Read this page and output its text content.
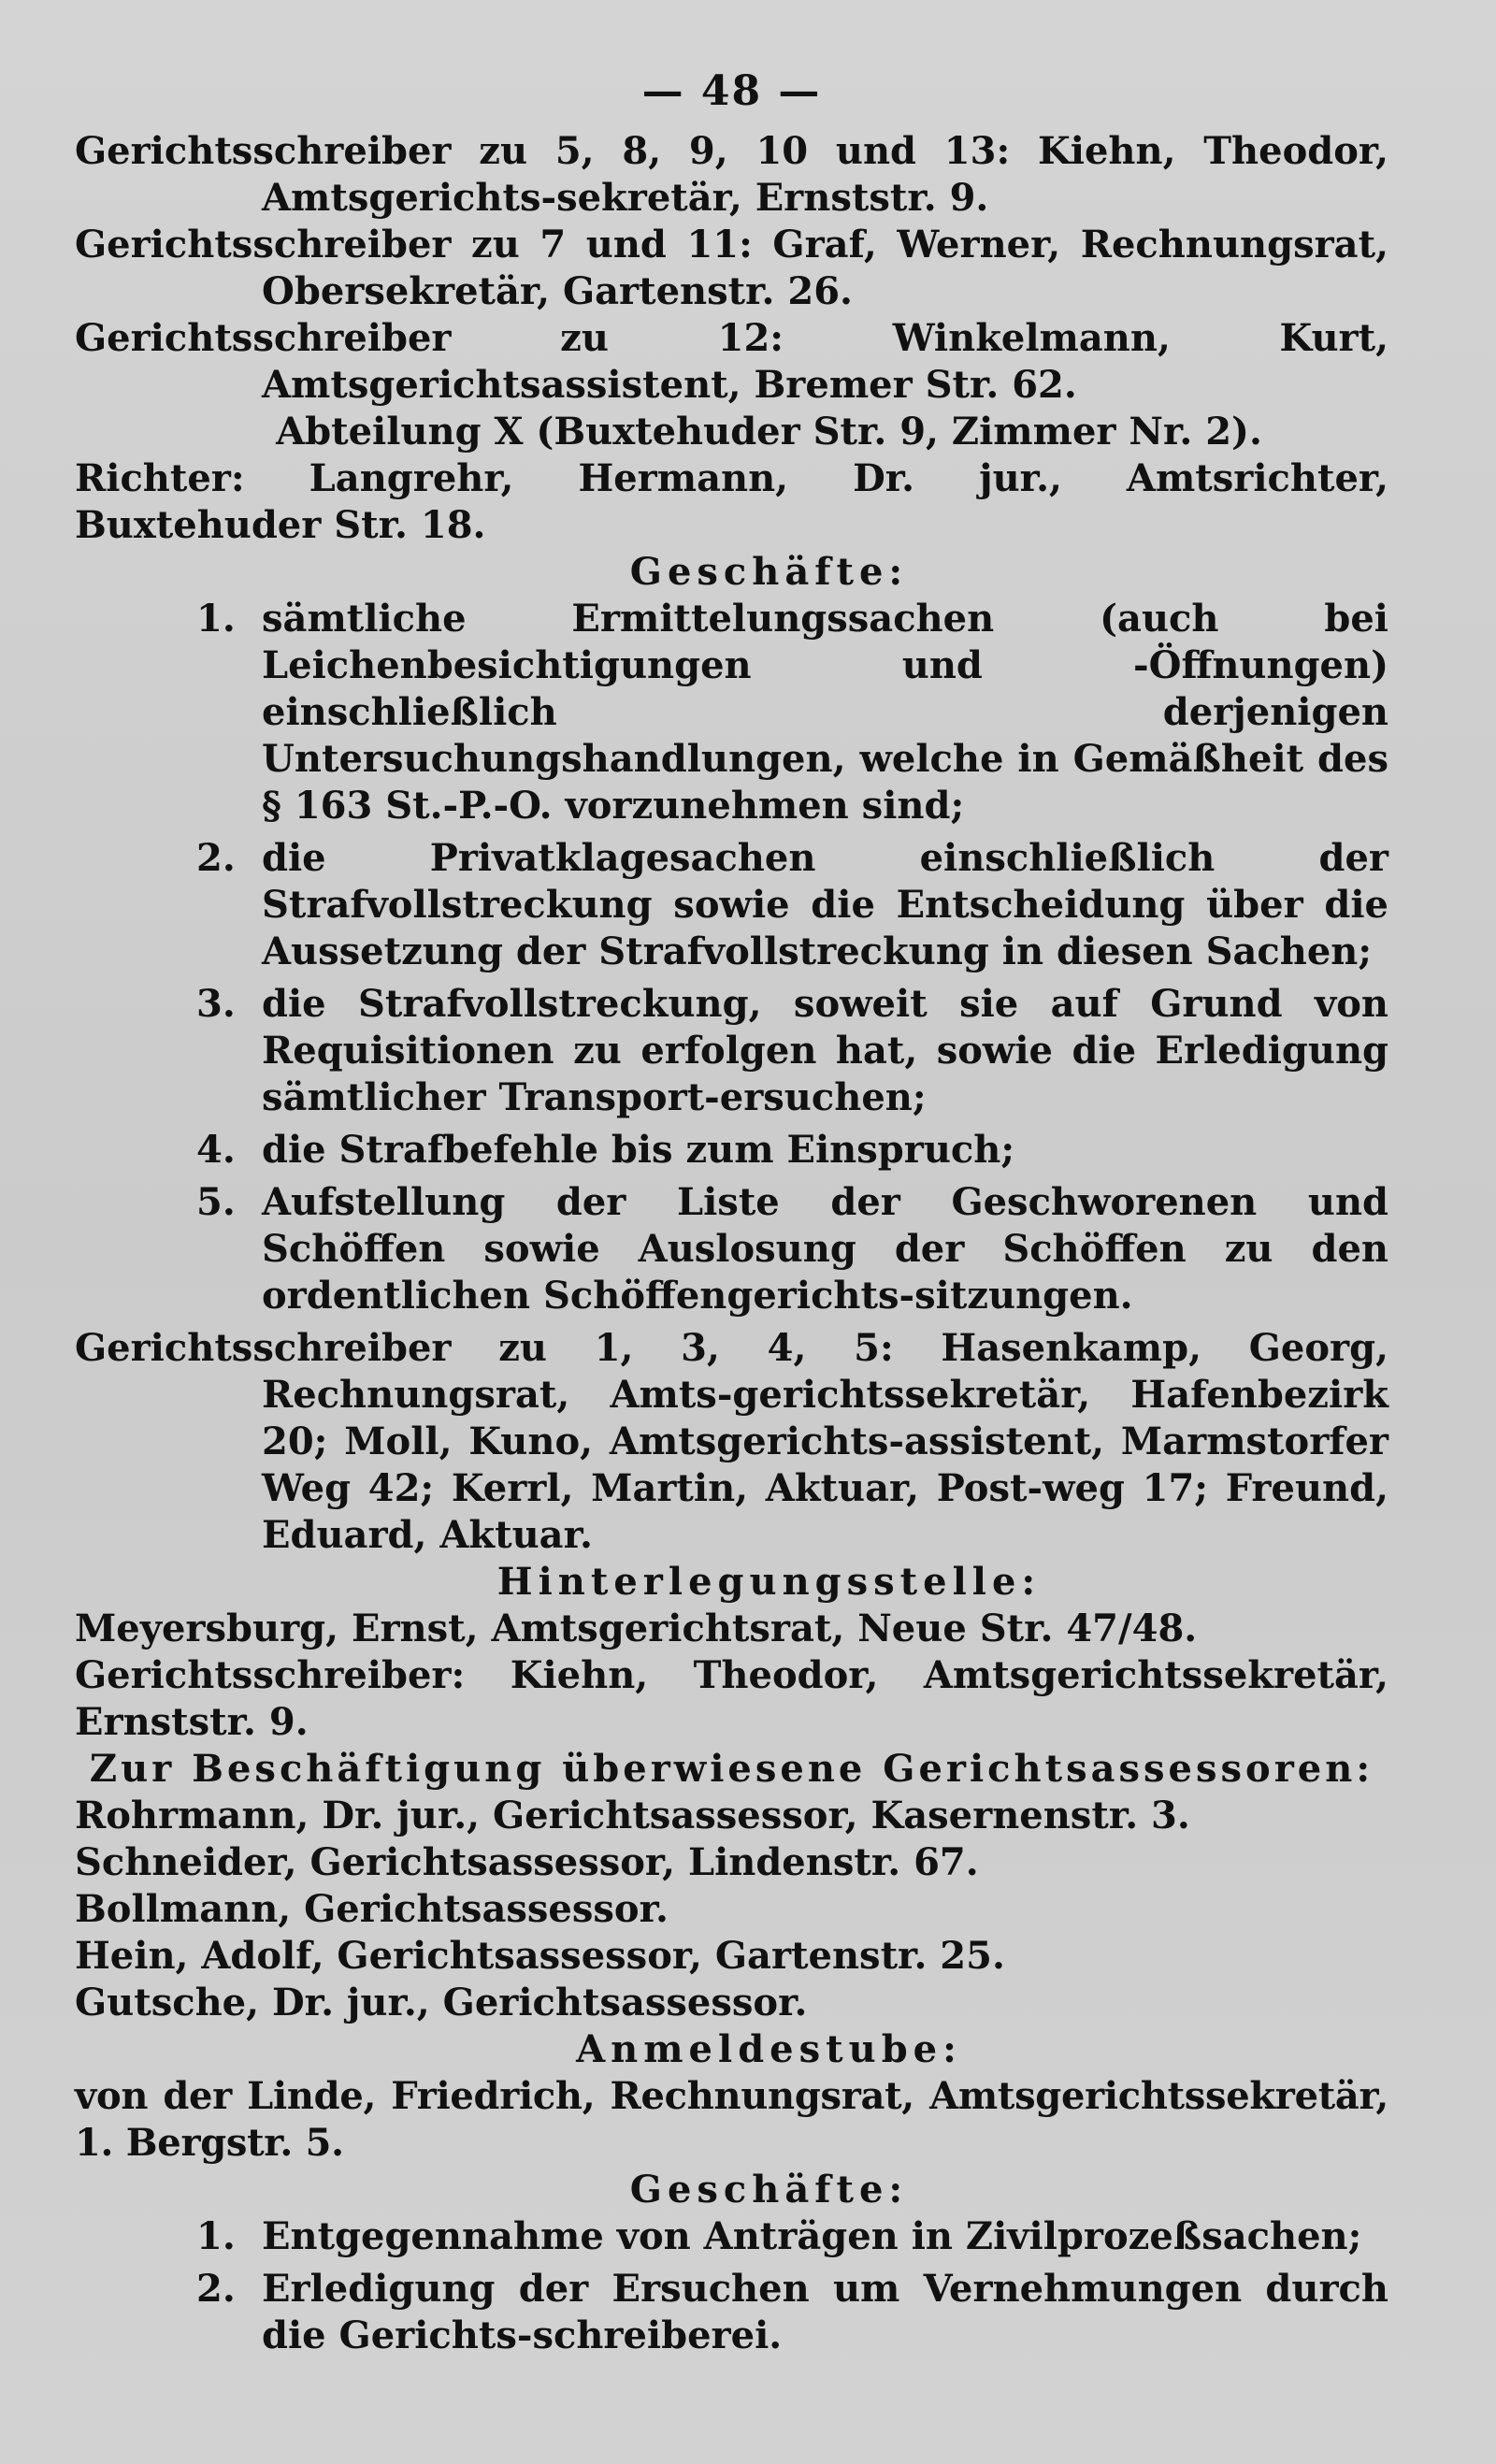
— 48 —

Gerichtsschreiber zu 5, 8, 9, 10 und 13: Kiehn, Theodor, Amtsgerichts-sekretär, Ernststr. 9.

Gerichtsschreiber zu 7 und 11: Graf, Werner, Rechnungsrat, Obersekretär, Gartenstr. 26.

Gerichtsschreiber zu 12: Winkelmann, Kurt, Amtsgerichtsassistent, Bremer Str. 62.

Abteilung X (Buxtehuder Str. 9, Zimmer Nr. 2).

Richter: Langrehr, Hermann, Dr. jur., Amtsrichter, Buxtehuder Str. 18.

Geschäfte:

1. sämtliche Ermittelungssachen (auch bei Leichenbesichtigungen und -Öffnungen) einschließlich derjenigen Untersuchungshandlungen, welche in Gemäßheit des § 163 St.-P.-O. vorzunehmen sind;
2. die Privatklagesachen einschließlich der Strafvollstreckung sowie die Entscheidung über die Aussetzung der Strafvollstreckung in diesen Sachen;
3. die Strafvollstreckung, soweit sie auf Grund von Requisitionen zu erfolgen hat, sowie die Erledigung sämtlicher Transport-ersuchen;
4. die Strafbefehle bis zum Einspruch;
5. Aufstellung der Liste der Geschworenen und Schöffen sowie Auslosung der Schöffen zu den ordentlichen Schöffengerichts-sitzungen.

Gerichtsschreiber zu 1, 3, 4, 5: Hasenkamp, Georg, Rechnungsrat, Amts-gerichtssekretär, Hafenbezirk 20; Moll, Kuno, Amtsgerichts-assistent, Marmstorfer Weg 42; Kerrl, Martin, Aktuar, Post-weg 17; Freund, Eduard, Aktuar.

Hinterlegungsstelle:

Meyersburg, Ernst, Amtsgerichtsrat, Neue Str. 47/48.

Gerichtsschreiber: Kiehn, Theodor, Amtsgerichtssekretär, Ernststr. 9.

Zur Beschäftigung überwiesene Gerichtsassessoren:

Rohrmann, Dr. jur., Gerichtsassessor, Kasernenstr. 3.

Schneider, Gerichtsassessor, Lindenstr. 67.

Bollmann, Gerichtsassessor.

Hein, Adolf, Gerichtsassessor, Gartenstr. 25.

Gutsche, Dr. jur., Gerichtsassessor.

Anmeldestube:

von der Linde, Friedrich, Rechnungsrat, Amtsgerichtssekretär, 1. Bergstr. 5.

Geschäfte:

1. Entgegennahme von Anträgen in Zivilprozeßsachen;
2. Erledigung der Ersuchen um Vernehmungen durch die Gerichts-schreiberei.
